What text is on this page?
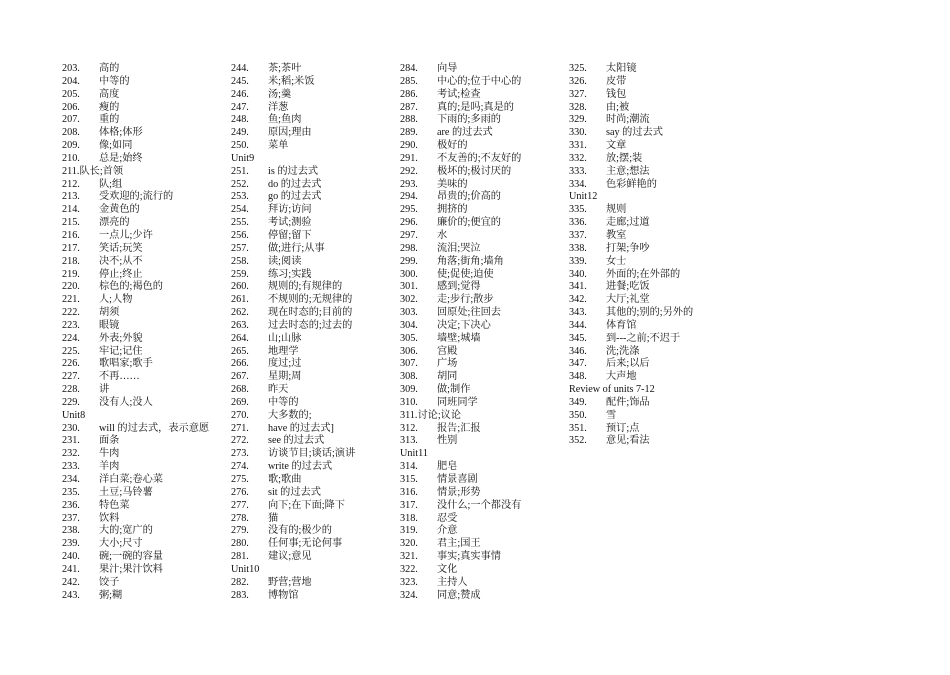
203. 高的
204. 中等的
205. 高度
206. 瘦的
207. 重的
208. 体格;体形
209. 像;如同
210. 总是;始终
211.队长;首领
212. 队;组
213. 受欢迎的;流行的
214. 金黄色的
215. 漂亮的
216. 一点儿;少许
217. 笑话;玩笑
218. 决不;从不
219. 停止;终止
220. 棕色的;褐色的
221. 人;人物
222. 胡须
223. 眼镜
224. 外表;外貌
225. 牢记;记住
226. 歌唱家;歌手
227. 不再……
228. 讲
229. 没有人;没人
Unit8
230. will 的过去式，表示意愿
231. 面条
232. 牛肉
233. 羊肉
234. 洋白菜;卷心菜
235. 土豆;马铃薯
236. 特色菜
237. 饮料
238. 大的;宽广的
239. 大小;尺寸
240. 碗;一碗的容量
241. 果汁;果汁饮料
242. 饺子
243. 粥;糊
244. 茶;茶叶
245. 米;稻;米饭
246. 汤;羹
247. 洋葱
248. 鱼;鱼肉
249. 原因;理由
250. 菜单
Unit9
251. is 的过去式
252. do 的过去式
253. go 的过去式
254. 拜访;访问
255. 考试;测验
256. 停留;留下
257. 做;进行;从事
258. 读;阅读
259. 练习;实践
260. 规则的;有规律的
261. 不规则的;无规律的
262. 现在时态的;目前的
263. 过去时态的;过去的
264. 山;山脉
265. 地理学
266. 度过;过
267. 星期;周
268. 昨天
269. 中等的
270. 大多数的;
271. have 的过去式]
272. see 的过去式
273. 访谈节目;谈话;演讲
274. write 的过去式
275. 歌;歌曲
276. sit 的过去式
277. 向下;在下面;降下
278. 猫
279. 没有的;极少的
280. 任何事;无论何事
281. 建议;意见
Unit10
282. 野营;营地
283. 博物馆
284. 向导
285. 中心的;位于中心的
286. 考试;检查
287. 真的;是吗;真是的
288. 下雨的;多雨的
289. are 的过去式
290. 极好的
291. 不友善的;不友好的
292. 极坏的;极讨厌的
293. 美味的
294. 昂贵的;价高的
295. 拥挤的
296. 廉价的;便宜的
297. 水
298. 流泪;哭泣
299. 角落;街角;墙角
300. 使;促使;迫使
301. 感到;觉得
302. 走;步行;散步
303. 回原处;往回去
304. 决定;下决心
305. 墙壁;城墙
306. 宫殿
307. 广场
308. 胡同
309. 做;制作
310. 同班同学
311.讨论;议论
312. 报告;汇报
313. 性别
Unit11
314. 肥皂
315. 情景喜剧
316. 情景;形势
317. 没什么;一个都没有
318. 忍受
319. 介意
320. 君主;国王
321. 事实;真实事情
322. 文化
323. 主持人
324. 同意;赞成
325. 太阳镜
326. 皮带
327. 钱包
328. 由;被
329. 时尚;潮流
330. say 的过去式
331. 文章
332. 放;摆;装
333. 主意;想法
334. 色彩鲜艳的
Unit12
335. 规则
336. 走廊;过道
337. 教室
338. 打架;争吵
339. 女士
340. 外面的;在外部的
341. 进餐;吃饭
342. 大厅;礼堂
343. 其他的;别的;另外的
344. 体育馆
345. 到---之前;不迟于
346. 洗;洗涤
347. 后来;以后
348. 大声地
Review of units 7-12
349. 配件;饰品
350. 雪
351. 预订;点
352. 意见;看法
